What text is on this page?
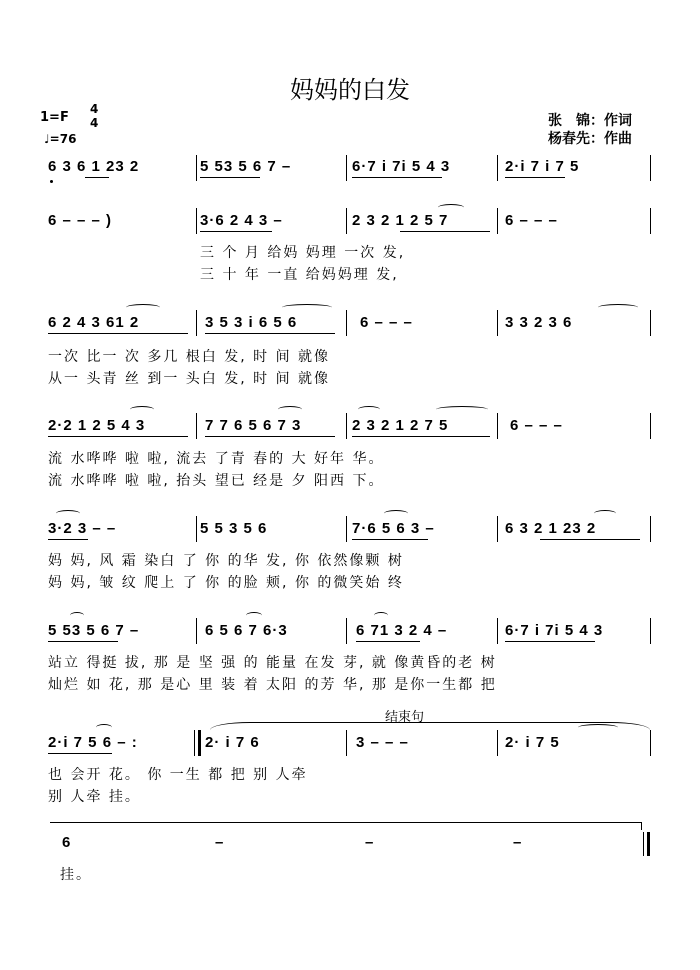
妈妈的白发
1=F
4
4
♩=76
张　锦：作词
杨春先：作曲
6 3 6 1 23 2	5 53 5 6 7 –	6·7 i 7i 5 4 3	2·i 7 i 7 5
6 – – – )	3·6 2 4 3 –	2 3 2 1 2 5 7	6 – – –
三 个 月 给妈 妈理 一次 发,
三 十 年 一直 给妈妈理 发,
6 2 4 3 61 2	3 5 3 i 6 5 6	6 – – –	3 3 2 3 6
一次 比一 次 多几 根白 发, 时 间 就像
从一 头青 丝 到一 头白 发, 时 间 就像
2·2 1 2 5 4 3	7 7 6 5 6 7 3	2 3 2 1 2 7 5	6 – – –
流 水哗哗 啦 啦, 流去 了青 春的 大 好年 华。
流 水哗哗 啦 啦, 抬头 望已 经是 夕 阳西 下。
3·2 3 – –	5 5 3 5 6	7·6 5 6 3 –	6 3 2 1 23 2
妈 妈, 风 霜 染白 了 你 的华 发, 你 依然像颗 树
妈 妈, 皱 纹 爬上 了 你 的脸 颊, 你 的微笑始 终
5 53 5 6 7 –	6 5 6 7 6·3	6 71 3 2 4 –	6·7 i 7i 5 4 3
站立 得挺 拔, 那 是 坚 强 的 能量 在发 芽, 就 像黄昏的老 树
灿烂 如 花, 那 是心 里 装 着 太阳 的芳 华, 那 是你一生都 把
结束句
2·i 7 5 6 – :	2· i 7 6	3 – – –	2· i 7 5
也 会开 花。 你 一生 都 把 别 人牵
别 人牵 挂。
6	–	–	–
挂。
